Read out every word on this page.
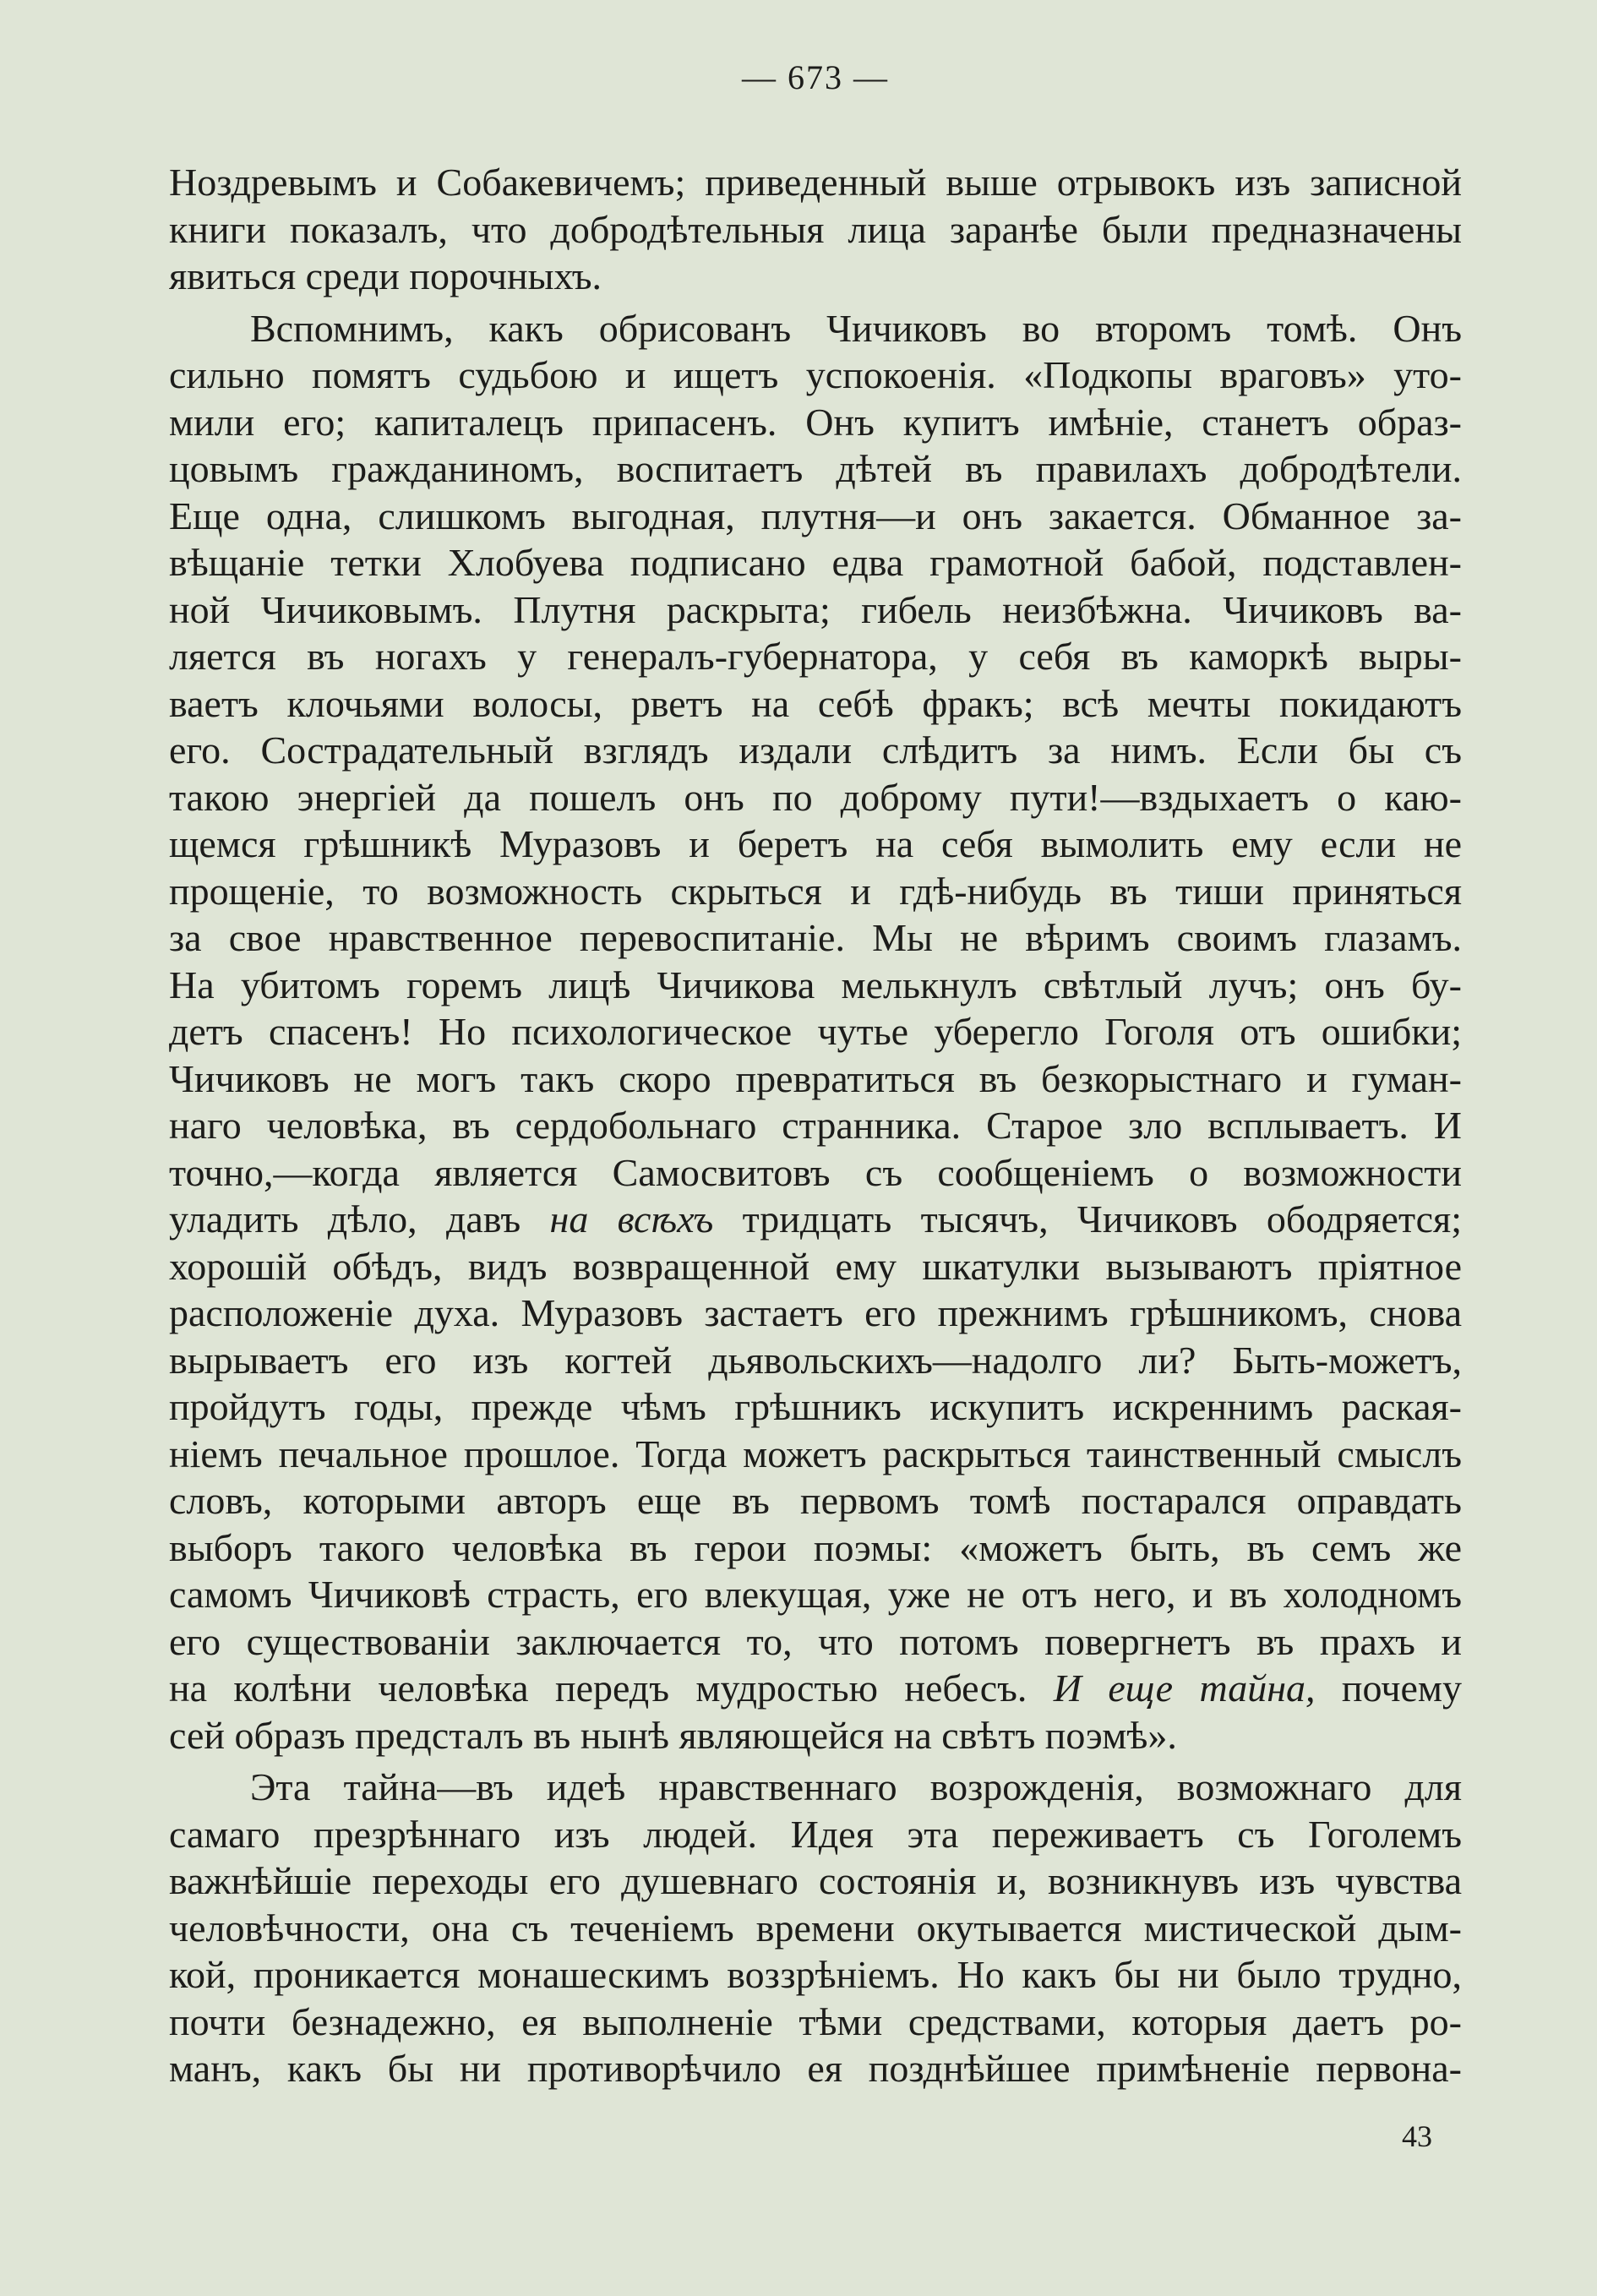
— 673 —

Ноздревымъ и Собакевичемъ; приведенный выше отрывокъ изъ записной
книги показалъ, что добродѣтельныя лица заранѣе были предназначены
явиться среди порочныхъ.

Вспомнимъ, какъ обрисованъ Чичиковъ во второмъ томѣ. Онъ
сильно помятъ судьбою и ищетъ успокоенія. «Подкопы враговъ» уто-
мили его; капиталецъ припасенъ. Онъ купитъ имѣніе, станетъ образ-
цовымъ гражданиномъ, воспитаетъ дѣтей въ правилахъ добродѣтели.
Еще одна, слишкомъ выгодная, плутня—и онъ закается. Обманное за-
вѣщаніе тетки Хлобуева подписано едва грамотной бабой, подставлен-
ной Чичиковымъ. Плутня раскрыта; гибель неизбѣжна. Чичиковъ ва-
ляется въ ногахъ у генералъ-губернатора, у себя въ каморкѣ выры-
ваетъ клочьями волосы, рветъ на себѣ фракъ; всѣ мечты покидаютъ
его. Сострадательный взглядъ издали слѣдитъ за нимъ. Если бы съ
такою энергіей да пошелъ онъ по доброму пути!—вздыхаетъ о каю-
щемся грѣшникѣ Муразовъ и беретъ на себя вымолить ему если не
прощеніе, то возможность скрыться и гдѣ-нибудь въ тиши приняться
за свое нравственное перевоспитаніе. Мы не вѣримъ своимъ глазамъ.
На убитомъ горемъ лицѣ Чичикова мелькнулъ свѣтлый лучъ; онъ бу-
детъ спасенъ! Но психологическое чутье уберегло Гоголя отъ ошибки;
Чичиковъ не могъ такъ скоро превратиться въ безкорыстнаго и гуман-
наго человѣка, въ сердобольнаго странника. Старое зло всплываетъ. И
точно,—когда является Самосвитовъ съ сообщеніемъ о возможности
уладить дѣло, давъ на всѣхъ тридцать тысячъ, Чичиковъ ободряется;
хорошій обѣдъ, видъ возвращенной ему шкатулки вызываютъ пріятное
расположеніе духа. Муразовъ застаетъ его прежнимъ грѣшникомъ, снова
вырываетъ его изъ когтей дьявольскихъ—надолго ли? Быть-можетъ,
пройдутъ годы, прежде чѣмъ грѣшникъ искупитъ искреннимъ раская-
ніемъ печальное прошлое. Тогда можетъ раскрыться таинственный смыслъ
словъ, которыми авторъ еще въ первомъ томѣ постарался оправдать
выборъ такого человѣка въ герои поэмы: «можетъ быть, въ семъ же
самомъ Чичиковѣ страсть, его влекущая, уже не отъ него, и въ холодномъ
его существованіи заключается то, что потомъ повергнетъ въ прахъ и
на колѣни человѣка передъ мудростью небесъ. И еще тайна, почему
сей образъ предсталъ въ нынѣ являющейся на свѣтъ поэмѣ».

Эта тайна—въ идеѣ нравственнаго возрожденія, возможнаго для
самаго презрѣннаго изъ людей. Идея эта переживаетъ съ Гоголемъ
важнѣйшіе переходы его душевнаго состоянія и, возникнувъ изъ чувства
человѣчности, она съ теченіемъ времени окутывается мистической дым-
кой, проникается монашескимъ воззрѣніемъ. Но какъ бы ни было трудно,
почти безнадежно, ея выполненіе тѣми средствами, которыя даетъ ро-
манъ, какъ бы ни противорѣчило ея позднѣйшее примѣненіе первона-

43
